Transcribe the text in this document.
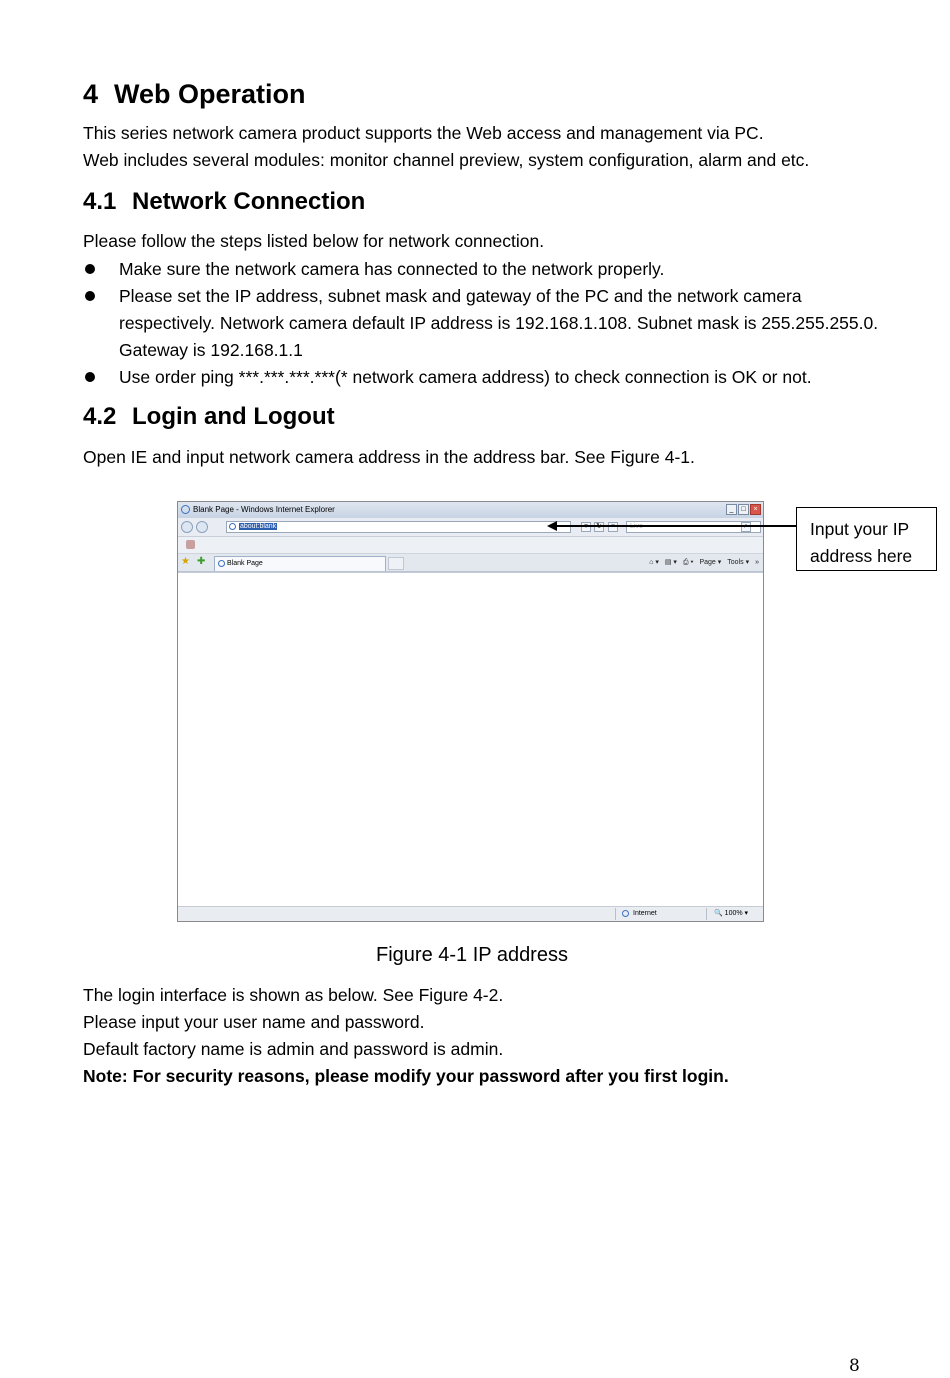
4 Web Operation
This series network camera product supports the Web access and management via PC.
Web includes several modules: monitor channel preview, system configuration, alarm and etc.
4.1 Network Connection
Please follow the steps listed below for network connection.
Make sure the network camera has connected to the network properly.
Please set the IP address, subnet mask and gateway of the PC and the network camera respectively. Network camera default IP address is 192.168.1.108. Subnet mask is 255.255.255.0. Gateway is 192.168.1.1
Use order ping ***.***.***.***(* network camera address) to check connection is OK or not.
4.2 Login and Logout
Open IE and input network camera address in the address bar. See Figure 4-1.
Blank Page - Windows Internet Explorer	_	□	×
about:blank
★ ✚	Blank Page	⌂ ▾ ▤ ▾ ⎙ ▾ Page ▾ Tools ▾ »
Internet	🔍 100% ▾
Input your IP
address here
Figure 4-1 IP address
The login interface is shown as below. See Figure 4-2.
Please input your user name and password.
Default factory name is admin and password is admin.
Note: For security reasons, please modify your password after you first login.
8
